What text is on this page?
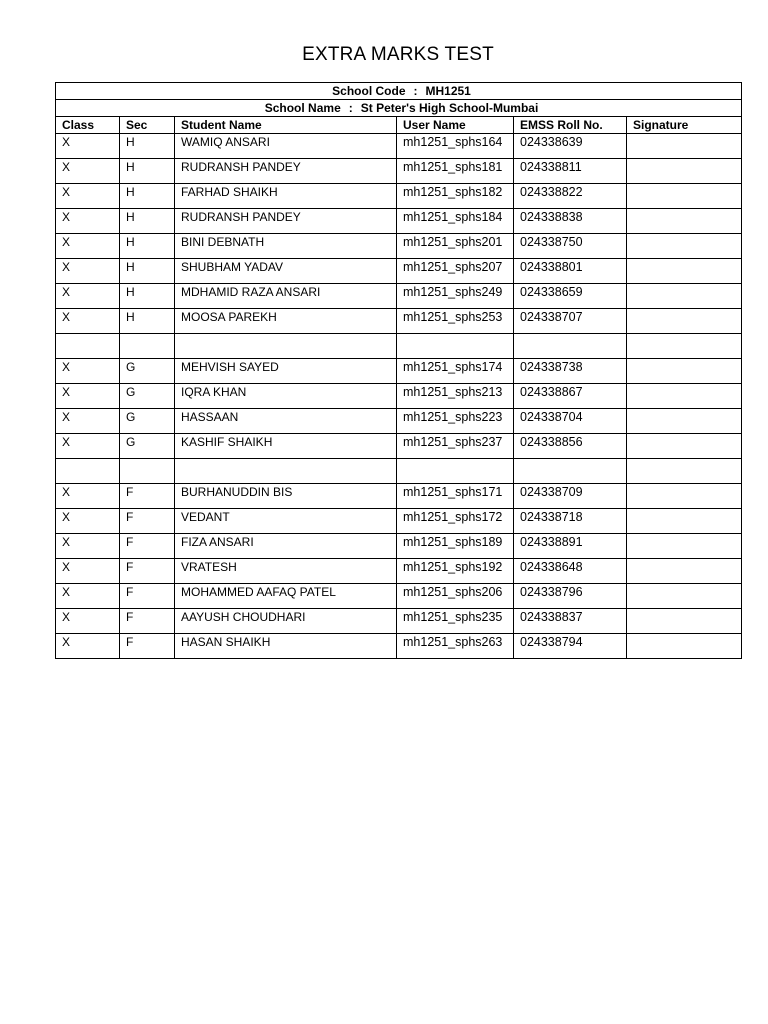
EXTRA MARKS TEST
School Code : MH1251					
School Name : St Peter's High School-Mumbai					
Class	Sec	Student Name	User Name	EMSS Roll No.	Signature
X	H	WAMIQ ANSARI	mh1251_sphs164	024338639	
X	H	RUDRANSH PANDEY	mh1251_sphs181	024338811	
X	H	FARHAD SHAIKH	mh1251_sphs182	024338822	
X	H	RUDRANSH PANDEY	mh1251_sphs184	024338838	
X	H	BINI DEBNATH	mh1251_sphs201	024338750	
X	H	SHUBHAM YADAV	mh1251_sphs207	024338801	
X	H	MDHAMID RAZA ANSARI	mh1251_sphs249	024338659	
X	H	MOOSA PAREKH	mh1251_sphs253	024338707	

X	G	MEHVISH SAYED	mh1251_sphs174	024338738	
X	G	IQRA KHAN	mh1251_sphs213	024338867	
X	G	HASSAAN	mh1251_sphs223	024338704	
X	G	KASHIF SHAIKH	mh1251_sphs237	024338856	

X	F	BURHANUDDIN BIS	mh1251_sphs171	024338709	
X	F	VEDANT	mh1251_sphs172	024338718	
X	F	FIZA ANSARI	mh1251_sphs189	024338891	
X	F	VRATESH	mh1251_sphs192	024338648	
X	F	MOHAMMED AAFAQ PATEL	mh1251_sphs206	024338796	
X	F	AAYUSH CHOUDHARI	mh1251_sphs235	024338837	
X	F	HASAN SHAIKH	mh1251_sphs263	024338794	
